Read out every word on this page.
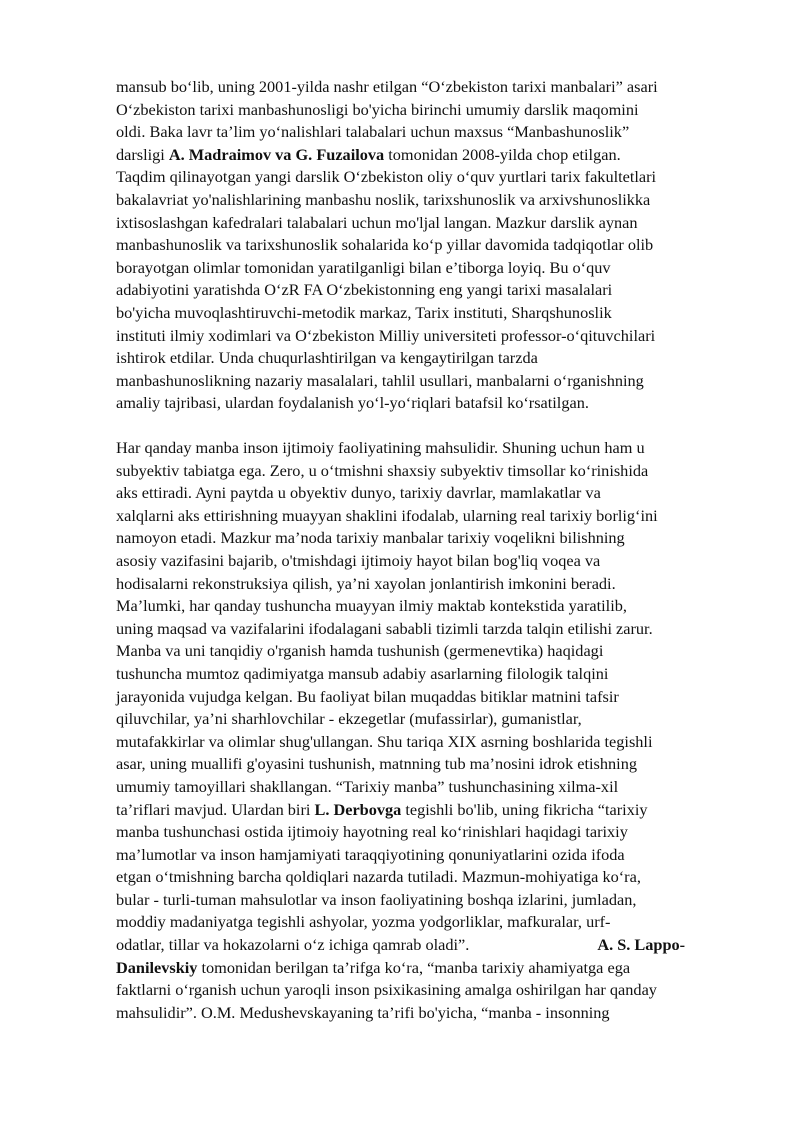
mansub bo‘lib, uning 2001-yilda nashr etilgan “O‘zbekiston tarixi manbalari” asari
O‘zbekiston tarixi manbashunosligi bo'yicha birinchi umumiy darslik maqomini
oldi. Baka lavr ta’lim yo‘nalishlari talabalari uchun maxsus “Manbashunoslik”
darsligi A. Madraimov va G. Fuzailova tomonidan 2008-yilda chop etilgan.
Taqdim qilinayotgan yangi darslik O‘zbekiston oliy o‘quv yurtlari tarix fakultetlari
bakalavriat yo'nalishlarining manbashu noslik, tarixshunoslik va arxivshunoslikka
ixtisoslashgan kafedralari talabalari uchun mo'ljal langan. Mazkur darslik aynan
manbashunoslik va tarixshunoslik sohalarida ko‘p yillar davomida tadqiqotlar olib
borayotgan olimlar tomonidan yaratilganligi bilan e’tiborga loyiq. Bu o‘quv
adabiyotini yaratishda O‘zR FA O‘zbekistonning eng yangi tarixi masalalari
bo'yicha muvoqlashtiruvchi-metodik markaz, Tarix instituti, Sharqshunoslik
instituti ilmiy xodimlari va O‘zbekiston Milliy universiteti professor-o‘qituvchilari
ishtirok etdilar. Unda chuqurlashtirilgan va kengaytirilgan tarzda
manbashunoslikning nazariy masalalari, tahlil usullari, manbalarni o‘rganishning
amaliy tajribasi, ulardan foydalanish yo‘l-yo‘riqlari batafsil ko‘rsatilgan.
Har qanday manba inson ijtimoiy faoliyatining mahsulidir. Shuning uchun ham u
subyektiv tabiatga ega. Zero, u o‘tmishni shaxsiy subyektiv timsollar ko‘rinishida
aks ettiradi. Ayni paytda u obyektiv dunyo, tarixiy davrlar, mamlakatlar va
xalqlarni aks ettirishning muayyan shaklini ifodalab, ularning real tarixiy borlig‘ini
namoyon etadi. Mazkur ma’noda tarixiy manbalar tarixiy voqelikni bilishning
asosiy vazifasini bajarib, o'tmishdagi ijtimoiy hayot bilan bog'liq voqea va
hodisalarni rekonstruksiya qilish, ya’ni xayolan jonlantirish imkonini beradi.
Ma’lumki, har qanday tushuncha muayyan ilmiy maktab kontekstida yaratilib,
uning maqsad va vazifalarini ifodalagani sababli tizimli tarzda talqin etilishi zarur.
Manba va uni tanqidiy o'rganish hamda tushunish (germenevtika) haqidagi
tushuncha mumtoz qadimiyatga mansub adabiy asarlarning filologik talqini
jarayonida vujudga kelgan. Bu faoliyat bilan muqaddas bitiklar matnini tafsir
qiluvchilar, ya’ni sharhlovchilar - ekzegetlar (mufassirlar), gumanistlar,
mutafakkirlar va olimlar shug'ullangan. Shu tariqa XIX asrning boshlarida tegishli
asar, uning muallifi g'oyasini tushunish, matnning tub ma’nosini idrok etishning
umumiy tamoyillari shakllangan. “Tarixiy manba” tushunchasining xilma-xil
ta’riflari mavjud. Ulardan biri L. Derbovga tegishli bo'lib, uning fikricha “tarixiy
manba tushunchasi ostida ijtimoiy hayotning real ko‘rinishlari haqidagi tarixiy
ma’lumotlar va inson hamjamiyati taraqqiyotining qonuniyatlarini ozida ifoda
etgan o‘tmishning barcha qoldiqlari nazarda tutiladi. Mazmun-mohiyatiga ko‘ra,
bular - turli-tuman mahsulotlar va inson faoliyatining boshqa izlarini, jumladan,
moddiy madaniyatga tegishli ashyolar, yozma yodgorliklar, mafkuralar, urf-
odatlar, tillar va hokazolarni o‘z ichiga qamrab oladi”.	A. S. Lappo-
Danilevskiy tomonidan berilgan ta’rifga ko‘ra, “manba tarixiy ahamiyatga ega
faktlarni o‘rganish uchun yaroqli inson psixikasining amalga oshirilgan har qanday
mahsulidir”. O.M. Medushevskayaning ta’rifi bo'yicha, “manba - insonning
